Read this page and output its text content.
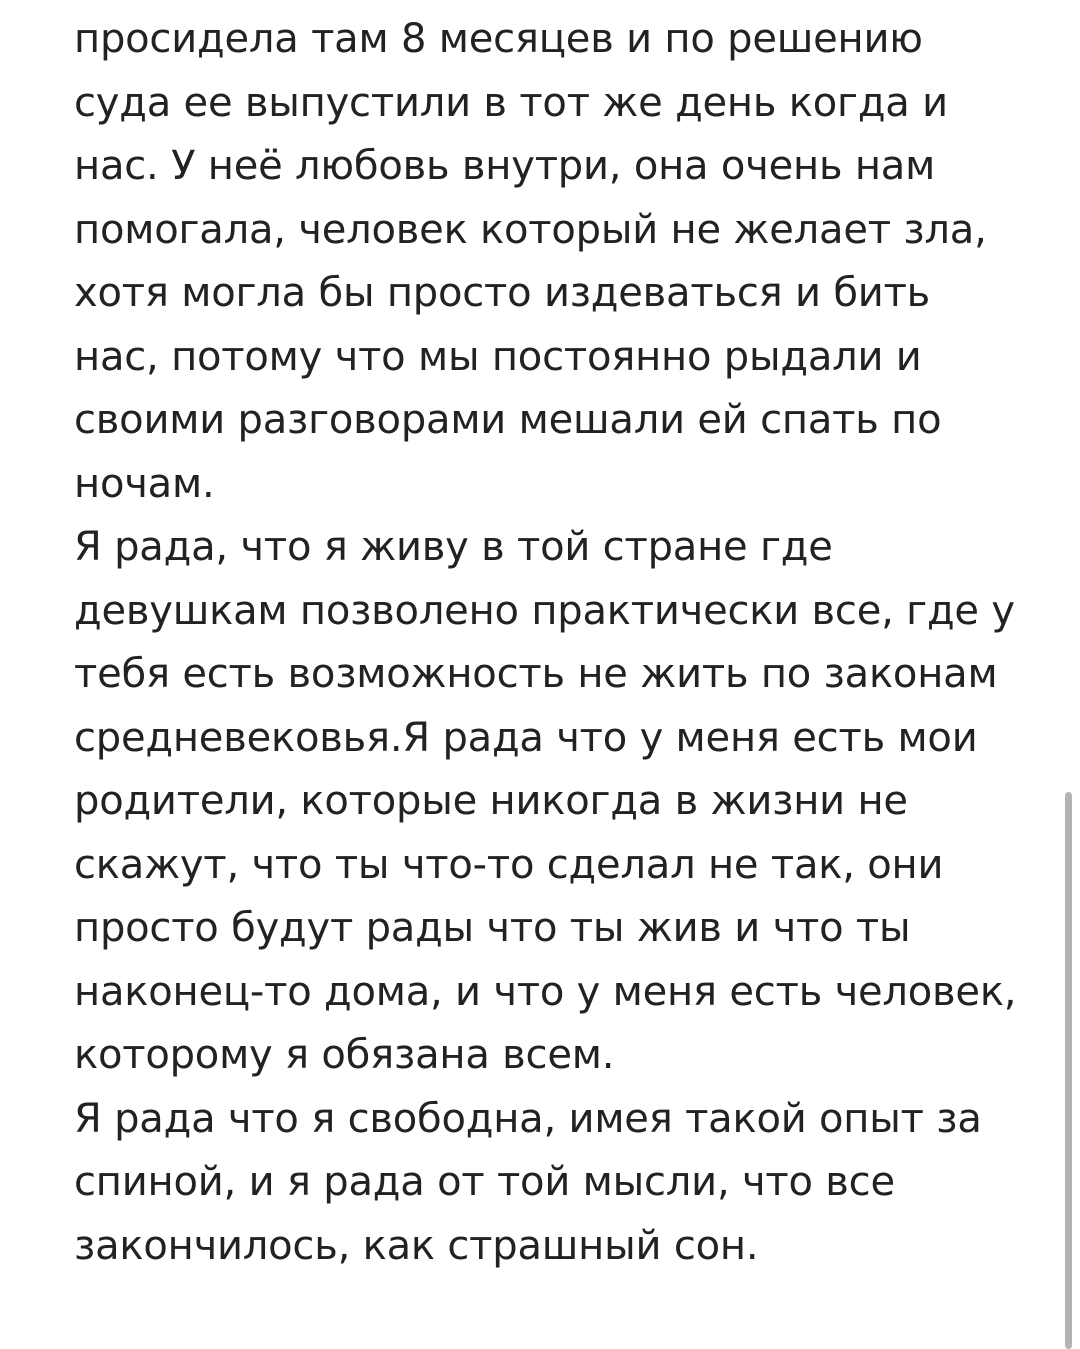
просидела там 8 месяцев и по решению
суда ее выпустили в тот же день когда и
нас. У неё любовь внутри, она очень нам
помогала, человек который не желает зла,
хотя могла бы просто издеваться и бить
нас, потому что мы постоянно рыдали и
своими разговорами мешали ей спать по
ночам.
Я рада, что я живу в той стране где
девушкам позволено практически все, где у
тебя есть возможность не жить по законам
средневековья.Я рада что у меня есть мои
родители, которые никогда в жизни не
скажут, что ты что-то сделал не так, они
просто будут рады что ты жив и что ты
наконец-то дома, и что у меня есть человек,
которому я обязана всем.
Я рада что я свободна, имея такой опыт за
спиной, и я рада от той мысли, что все
закончилось, как страшный сон.
